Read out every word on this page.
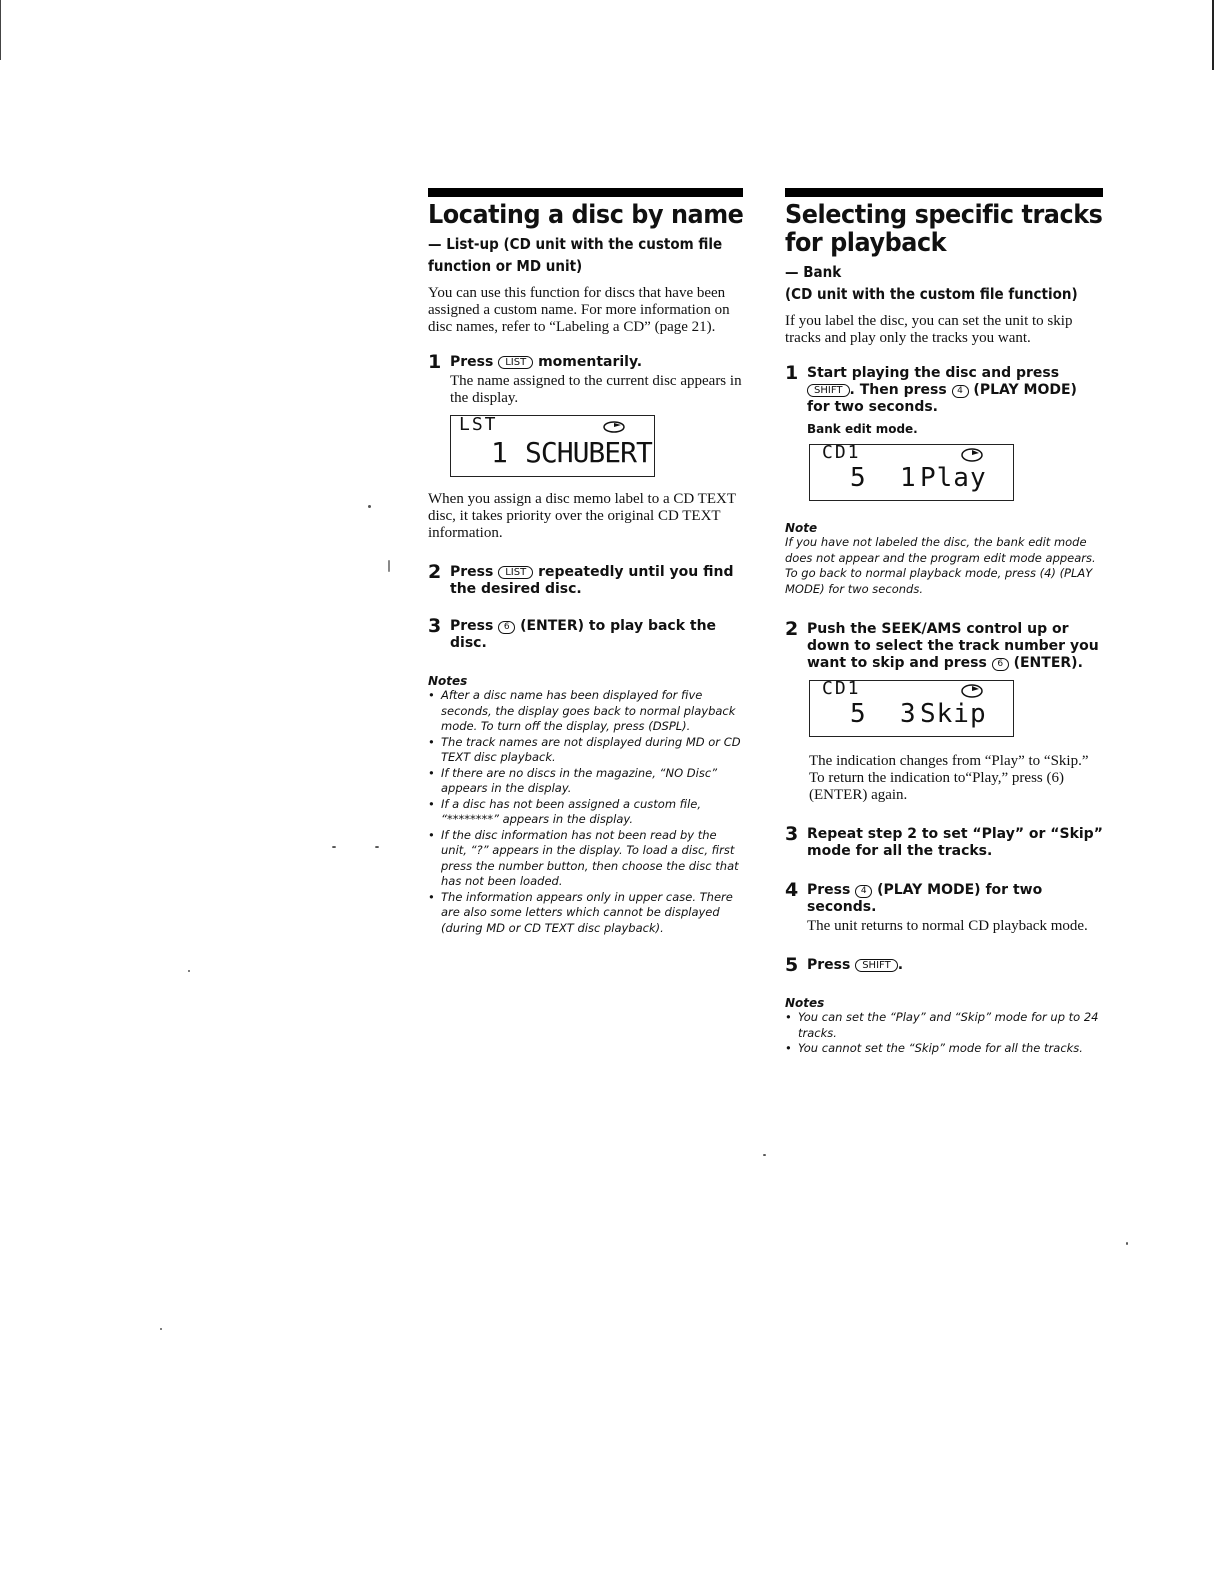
Locating a disc by name
— List-up (CD unit with the custom file
function or MD unit)

You can use this function for discs that have been assigned a custom name. For more information on disc names, refer to “Labeling a CD” (page 21).

1 Press LIST momentarily.
The name assigned to the current disc appears in the display.
LST
1 SCHUBERT

When you assign a disc memo label to a CD TEXT disc, it takes priority over the original CD TEXT information.

2 Press LIST repeatedly until you find the desired disc.
3 Press 6 (ENTER) to play back the disc.
Notes
• After a disc name has been displayed for five seconds, the display goes back to normal playback mode. To turn off the display, press (DSPL).
• The track names are not displayed during MD or CD TEXT disc playback.
• If there are no discs in the magazine, “NO Disc” appears in the display.
• If a disc has not been assigned a custom file, “********” appears in the display.
• If the disc information has not been read by the unit, “?” appears in the display. To load a disc, first press the number button, then choose the disc that has not been loaded.
• The information appears only in upper case. There are also some letters which cannot be displayed (during MD or CD TEXT disc playback).
Selecting specific tracks
for playback
— Bank
(CD unit with the custom file function)

If you label the disc, you can set the unit to skip tracks and play only the tracks you want.

1 Start playing the disc and press SHIFT . Then press 4 (PLAY MODE) for two seconds.
Bank edit mode.
CD1
5 1 Play
Note
If you have not labeled the disc, the bank edit mode does not appear and the program edit mode appears. To go back to normal playback mode, press (4) (PLAY MODE) for two seconds.
2 Push the SEEK/AMS control up or down to select the track number you want to skip and press 6 (ENTER).
CD1
5 3 Skip

The indication changes from “Play” to “Skip.” To return the indication to“Play,” press (6) (ENTER) again.

3 Repeat step 2 to set “Play” or “Skip” mode for all the tracks.
4 Press 4 (PLAY MODE) for two seconds.
The unit returns to normal CD playback mode.
5 Press SHIFT .
Notes
• You can set the “Play” and “Skip” mode for up to 24 tracks.
• You cannot set the “Skip” mode for all the tracks.
